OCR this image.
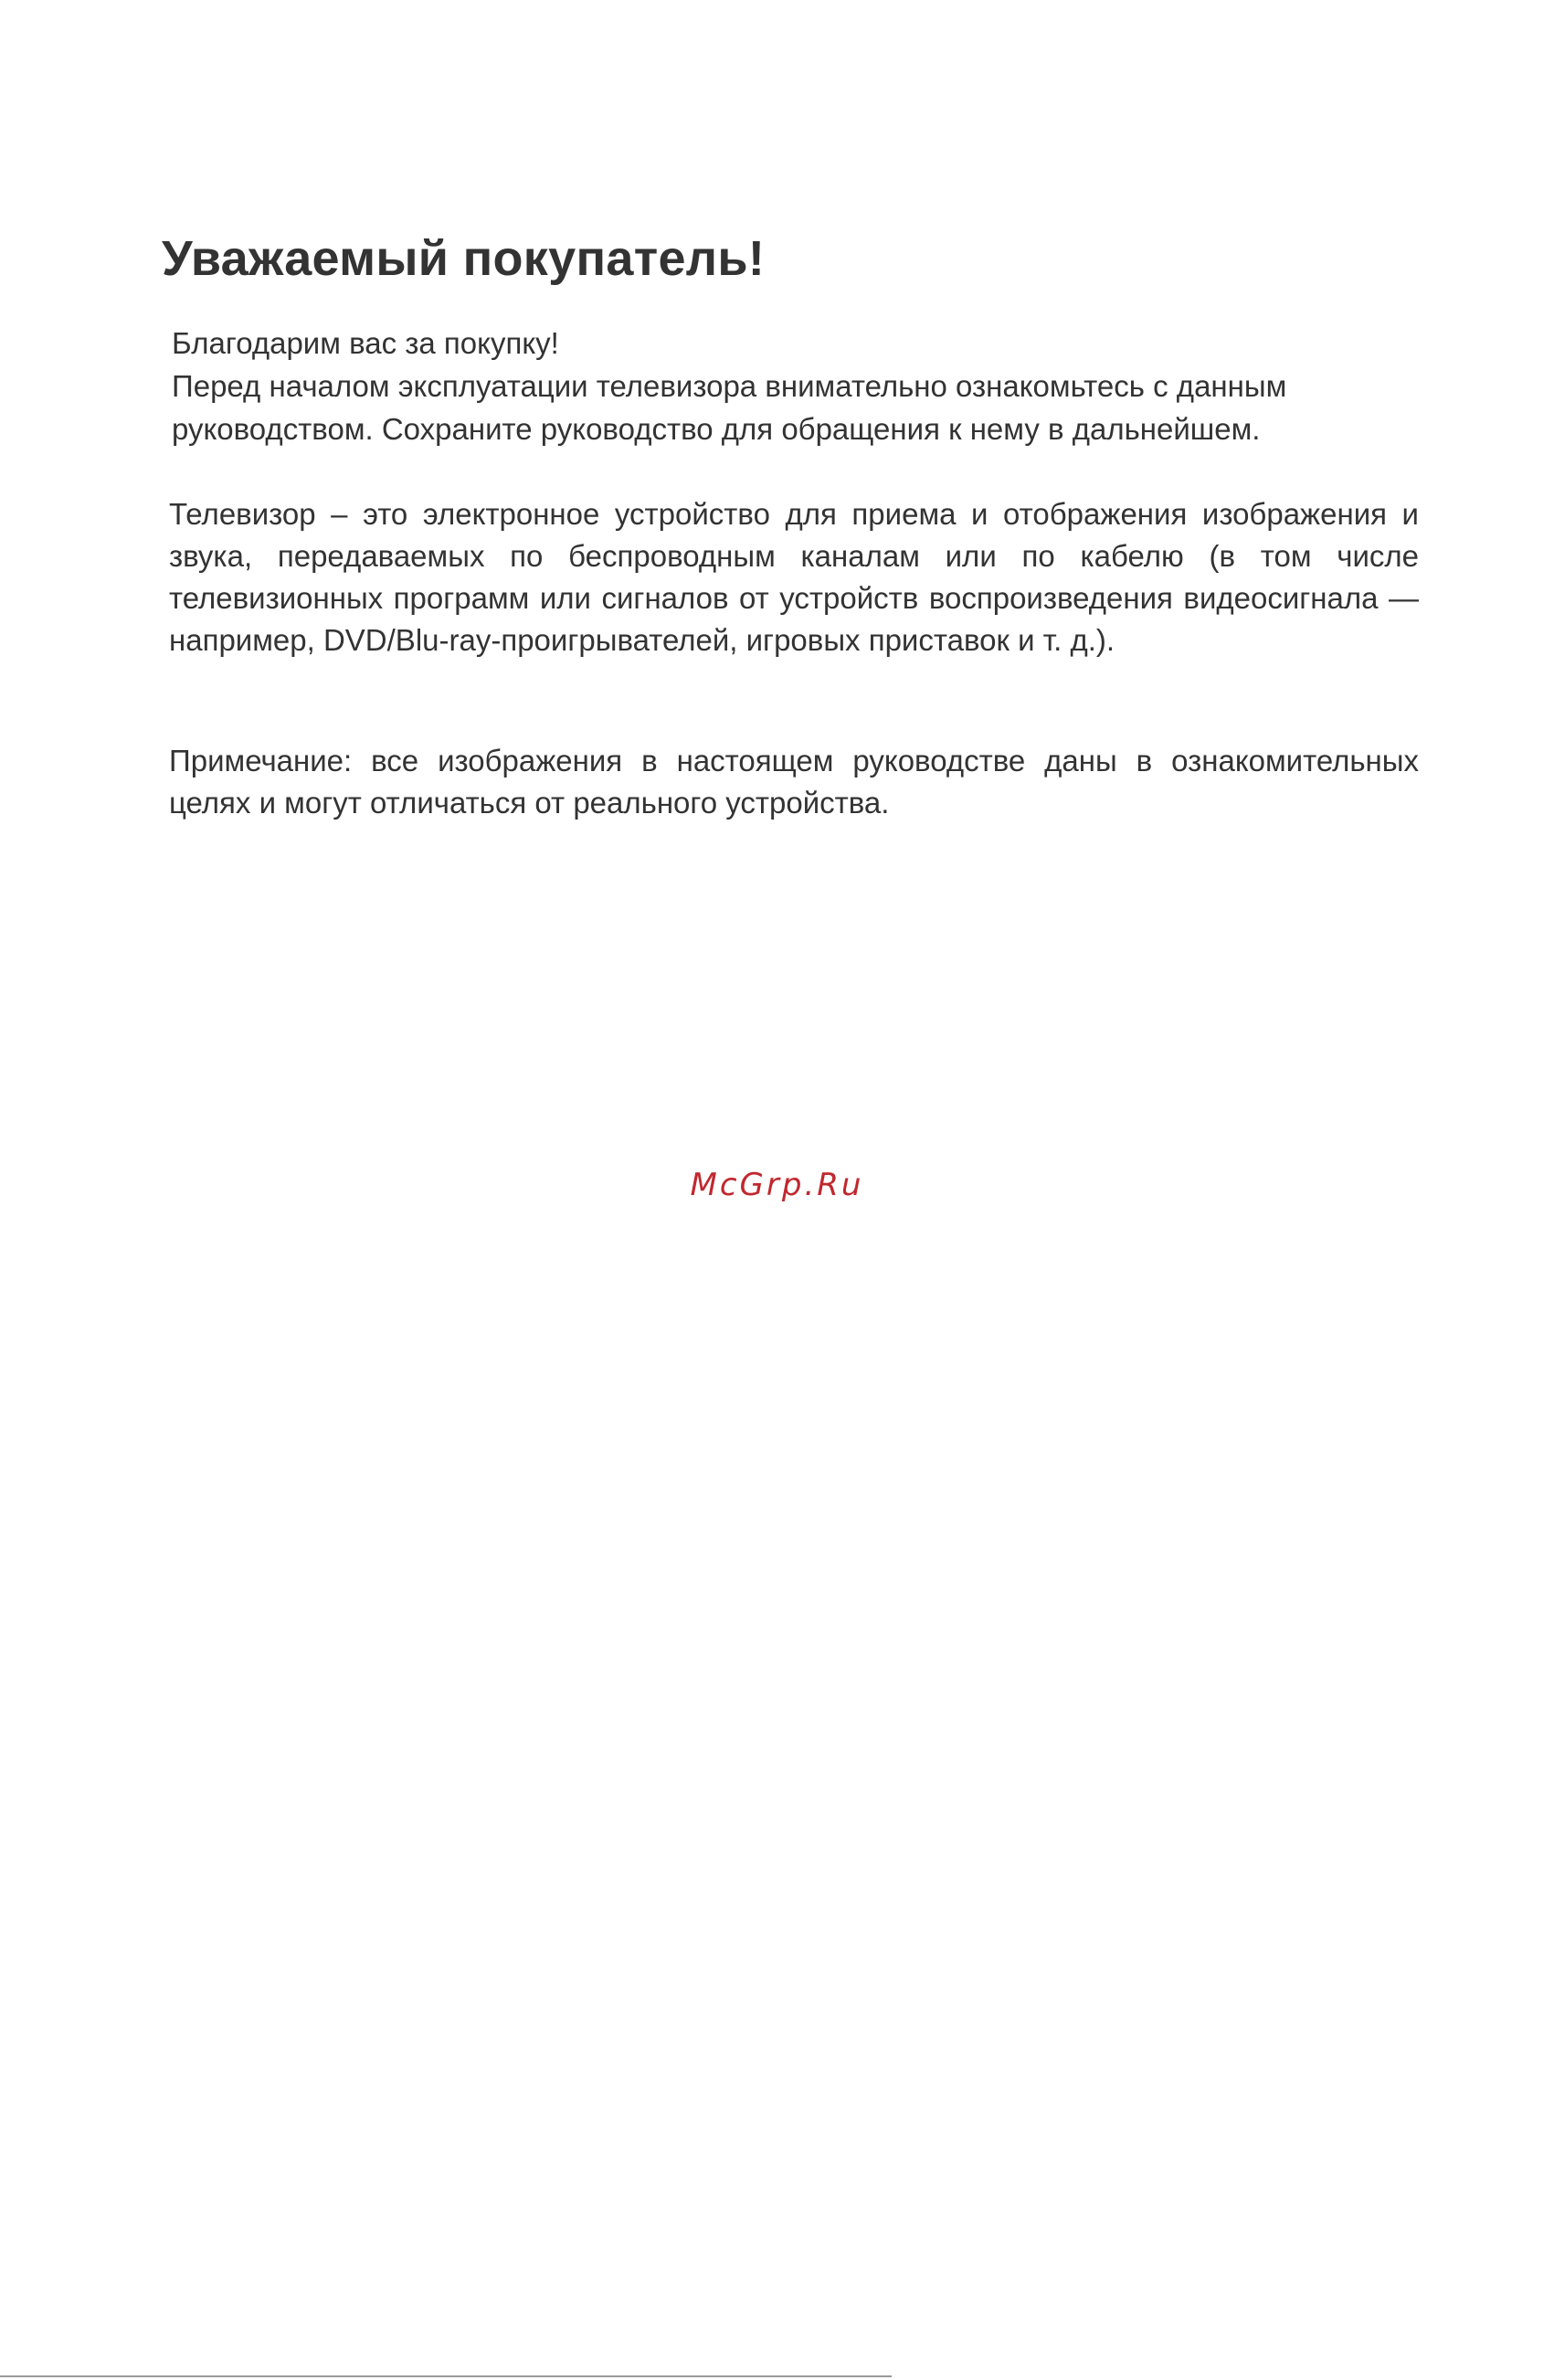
Уважаемый покупатель!

Благодарим вас за покупку!

Перед началом эксплуатации телевизора внимательно ознакомьтесь с данным

руководством. Сохраните руководство для обращения к нему в дальнейшем.

Телевизор – это электронное устройство для приема и отображения изображения и звука, передаваемых по беспроводным каналам или по кабелю (в том числе телевизионных программ или сигналов от устройств воспроизведения видеосигнала — например, DVD/Blu-ray-проигрывателей, игровых приставок и т. д.).

Примечание: все изображения в настоящем руководстве даны в ознакомительных целях и могут отличаться от реального устройства.

McGrp.Ru
